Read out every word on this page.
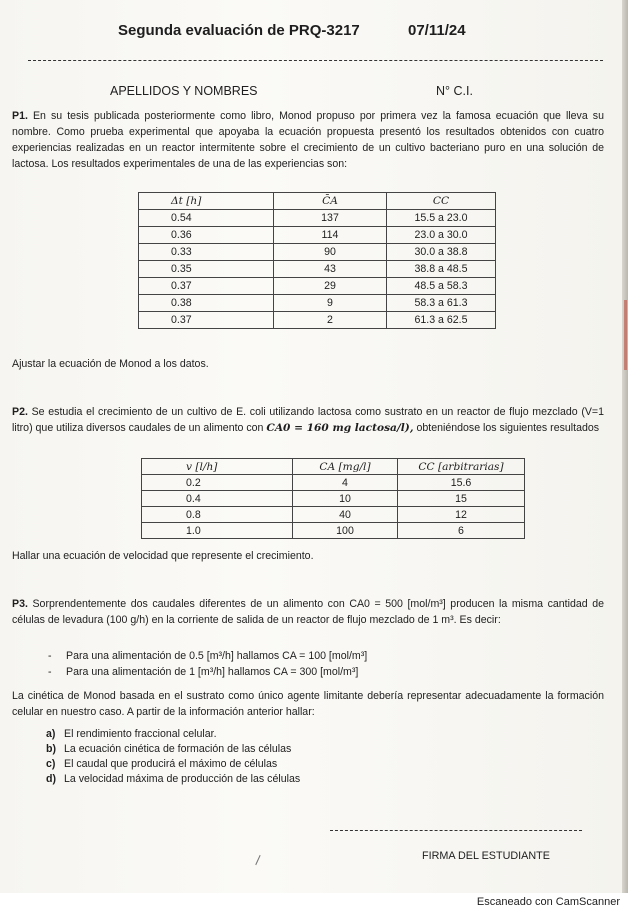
Segunda evaluación de PRQ-3217	07/11/24
APELLIDOS Y NOMBRES	N° C.I.
P1. En su tesis publicada posteriormente como libro, Monod propuso por primera vez la famosa ecuación que lleva su nombre. Como prueba experimental que apoyaba la ecuación propuesta presentó los resultados obtenidos con cuatro experiencias realizadas en un reactor intermitente sobre el crecimiento de un cultivo bacteriano puro en una solución de lactosa. Los resultados experimentales de una de las experiencias son:
Δt [h]	C̄A	CC
0.54	137	15.5 a 23.0
0.36	114	23.0 a 30.0
0.33	90	30.0 a 38.8
0.35	43	38.8 a 48.5
0.37	29	48.5 a 58.3
0.38	9	58.3 a 61.3
0.37	2	61.3 a 62.5
Ajustar la ecuación de Monod a los datos.
P2. Se estudia el crecimiento de un cultivo de E. coli utilizando lactosa como sustrato en un reactor de flujo mezclado (V=1 litro) que utiliza diversos caudales de un alimento con CA0 = 160 mg lactosa/l), obteniéndose los siguientes resultados
v [l/h]	CA [mg/l]	CC [arbitrarias]
0.2	4	15.6
0.4	10	15
0.8	40	12
1.0	100	6
Hallar una ecuación de velocidad que represente el crecimiento.
P3. Sorprendentemente dos caudales diferentes de un alimento con CA0 = 500 [mol/m³] producen la misma cantidad de células de levadura (100 g/h) en la corriente de salida de un reactor de flujo mezclado de 1 m³. Es decir:
- Para una alimentación de 0.5 [m³/h] hallamos CA = 100 [mol/m³]
- Para una alimentación de 1 [m³/h] hallamos CA = 300 [mol/m³]
La cinética de Monod basada en el sustrato como único agente limitante debería representar adecuadamente la formación celular en nuestro caso. A partir de la información anterior hallar:
a) El rendimiento fraccional celular.
b) La ecuación cinética de formación de las células
c) El caudal que producirá el máximo de células
d) La velocidad máxima de producción de las células
\	FIRMA DEL ESTUDIANTE
Escaneado con CamScanner
